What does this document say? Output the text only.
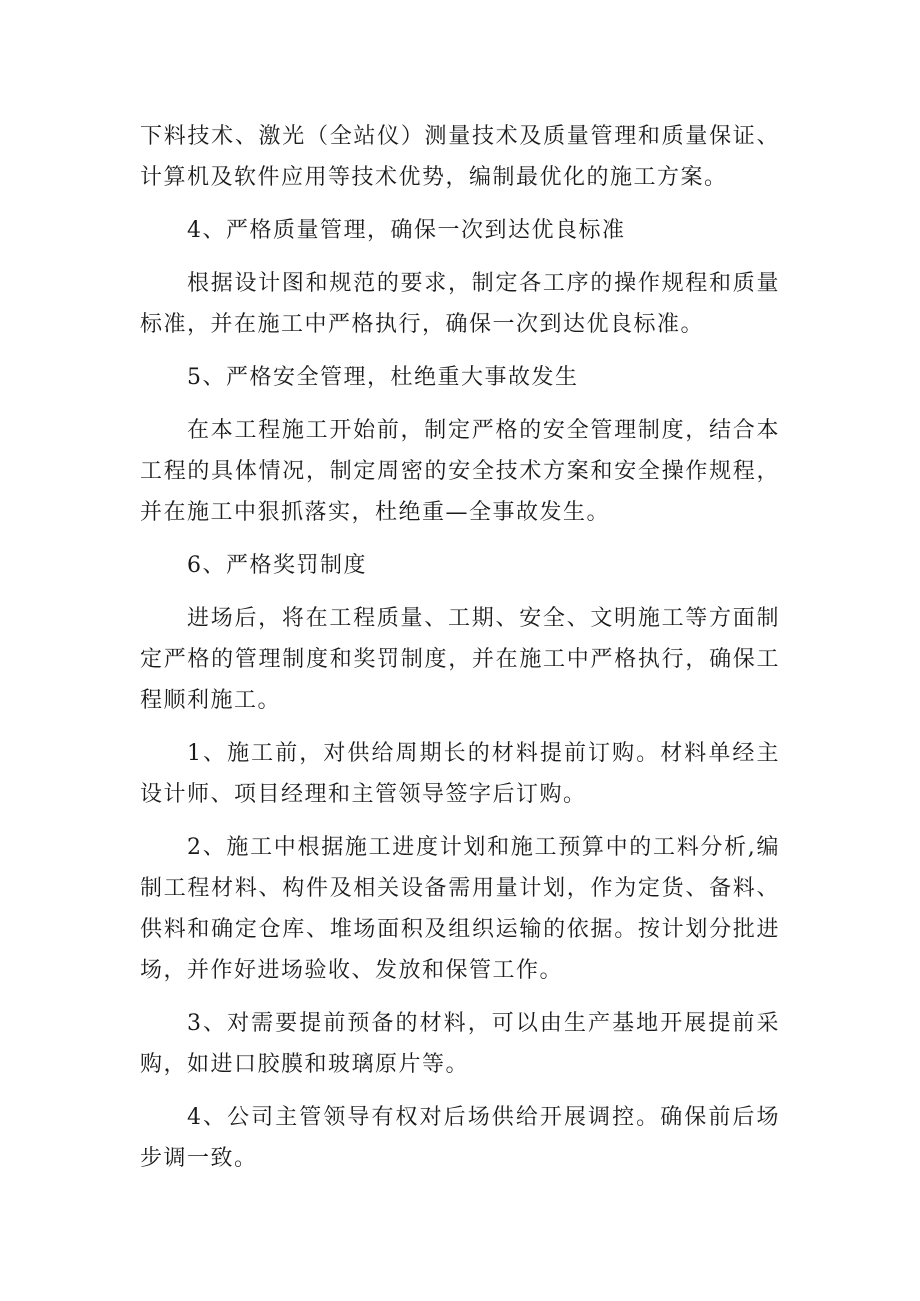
下料技术、激光（全站仪）测量技术及质量管理和质量保证、计算机及软件应用等技术优势，编制最优化的施工方案。

4、严格质量管理，确保一次到达优良标准

根据设计图和规范的要求，制定各工序的操作规程和质量标准，并在施工中严格执行，确保一次到达优良标准。

5、严格安全管理，杜绝重大事故发生

在本工程施工开始前，制定严格的安全管理制度，结合本工程的具体情况，制定周密的安全技术方案和安全操作规程，并在施工中狠抓落实，杜绝重—全事故发生。

6、严格奖罚制度

进场后，将在工程质量、工期、安全、文明施工等方面制定严格的管理制度和奖罚制度，并在施工中严格执行，确保工程顺利施工。

1、施工前，对供给周期长的材料提前订购。材料单经主设计师、项目经理和主管领导签字后订购。

2、施工中根据施工进度计划和施工预算中的工料分析,编制工程材料、构件及相关设备需用量计划，作为定货、备料、供料和确定仓库、堆场面积及组织运输的依据。按计划分批进场，并作好进场验收、发放和保管工作。

3、对需要提前预备的材料，可以由生产基地开展提前采购，如进口胶膜和玻璃原片等。

4、公司主管领导有权对后场供给开展调控。确保前后场步调一致。
